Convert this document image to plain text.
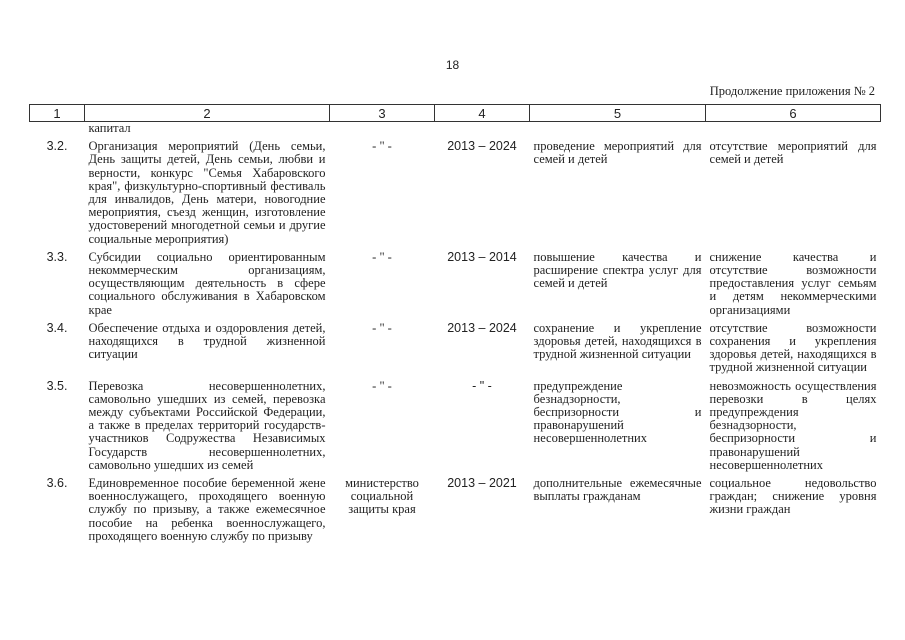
18
Продолжение приложения № 2
1	2	3	4	5	6
	капитал				
3.2.	Организация мероприятий (День семьи, День защиты детей, День семьи, любви и верности, конкурс "Семья Хабаровского края", физкультурно-спортивный фестиваль для инвалидов, День матери, новогодние мероприятия, съезд женщин, изготовление удостоверений многодетной семьи и другие социальные мероприятия)	- " -	2013 – 2024	проведение мероприятий для семей и детей	отсутствие мероприятий для семей и детей
3.3.	Субсидии социально ориентированным некоммерческим организациям, осуществляющим деятельность в сфере социального обслуживания в Хабаровском крае	- " -	2013 – 2014	повышение качества и расширение спектра услуг для семей и детей	снижение качества и отсутствие возможности предоставления услуг семьям и детям некоммерческими организациями
3.4.	Обеспечение отдыха и оздоровления детей, находящихся в трудной жизненной ситуации	- " -	2013 – 2024	сохранение и укрепление здоровья детей, находящихся в трудной жизненной ситуации	отсутствие возможности сохранения и укрепления здоровья детей, находящихся в трудной жизненной ситуации
3.5.	Перевозка несовершеннолетних, самовольно ушедших из семей, перевозка между субъектами Российской Федерации, а также в пределах территорий государств-участников Содружества Независимых Государств несовершеннолетних, самовольно ушедших из семей	- " -	- " -	предупреждение безнадзорности, беспризорности и правонарушений несовершеннолетних	невозможность осуществления перевозки в целях предупреждения безнадзорности, беспризорности и правонарушений несовершеннолетних
3.6.	Единовременное пособие беременной жене военнослужащего, проходящего военную службу по призыву, а также ежемесячное пособие на ребенка военнослужащего, проходящего военную службу по призыву	министерство социальной защиты края	2013 – 2021	дополнительные ежемесячные выплаты гражданам	социальное недовольство граждан; снижение уровня жизни граждан
